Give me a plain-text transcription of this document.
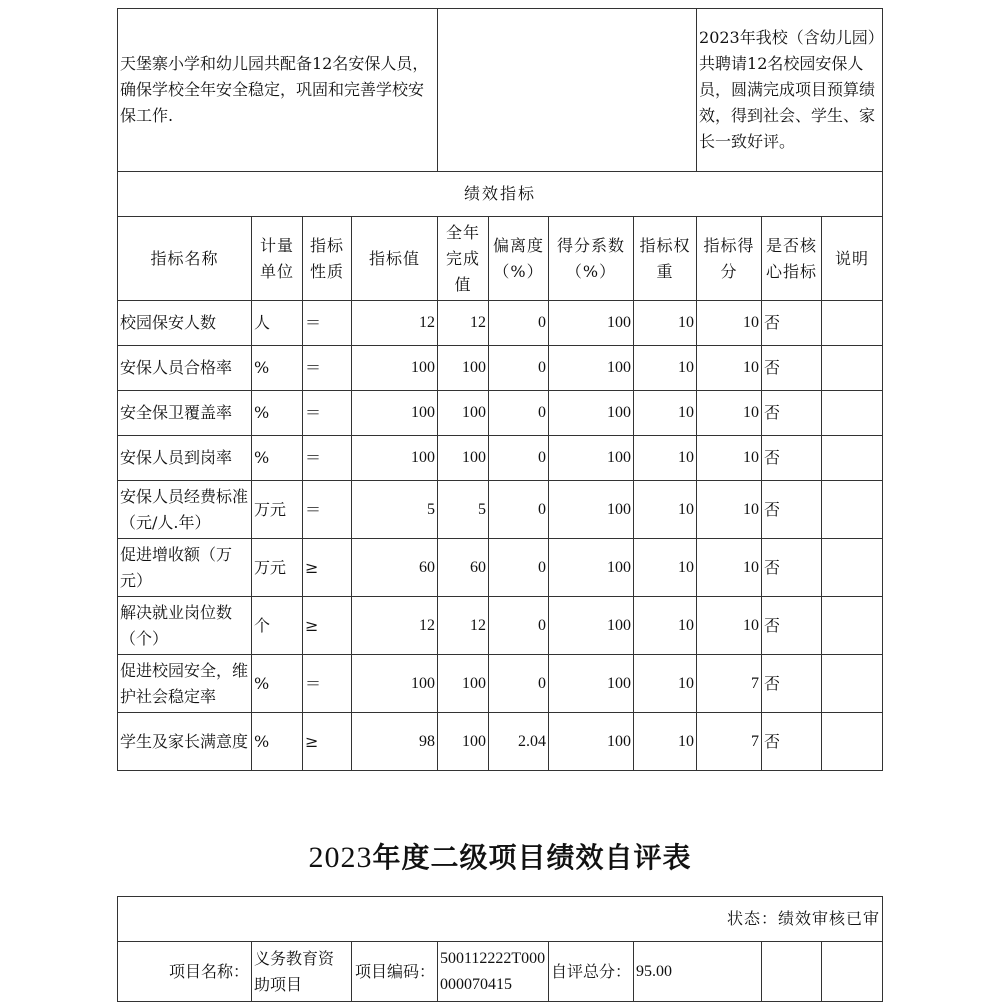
天堡寨小学和幼儿园共配备12名安保人员，确保学校全年安全稳定，巩固和完善学校安保工作.								2023年我校（含幼儿园）共聘请12名校园安保人员，圆满完成项目预算绩效，得到社会、学生、家长一致好评。		
绩效指标										
指标名称	计量单位	指标性质	指标值	全年完成值	偏离度（%）	得分系数（%）	指标权重	指标得分	是否核心指标	说明
校园保安人数	人	＝	12	12	0	100	10	10	否	
安保人员合格率	%	＝	100	100	0	100	10	10	否	
安全保卫覆盖率	%	＝	100	100	0	100	10	10	否	
安保人员到岗率	%	＝	100	100	0	100	10	10	否	
安保人员经费标准（元/人.年）	万元	＝	5	5	0	100	10	10	否	
促进增收额（万元）	万元	≥	60	60	0	100	10	10	否	
解决就业岗位数（个）	个	≥	12	12	0	100	10	10	否	
促进校园安全，维护社会稳定率	%	＝	100	100	0	100	10	7	否	
学生及家长满意度	%	≥	98	100	2.04	100	10	7	否	
2023年度二级项目绩效自评表
状态：绩效审核已审
项目名称：	义务教育资助项目	项目编码：	500112222T000000070415	自评总分：	95.00		
